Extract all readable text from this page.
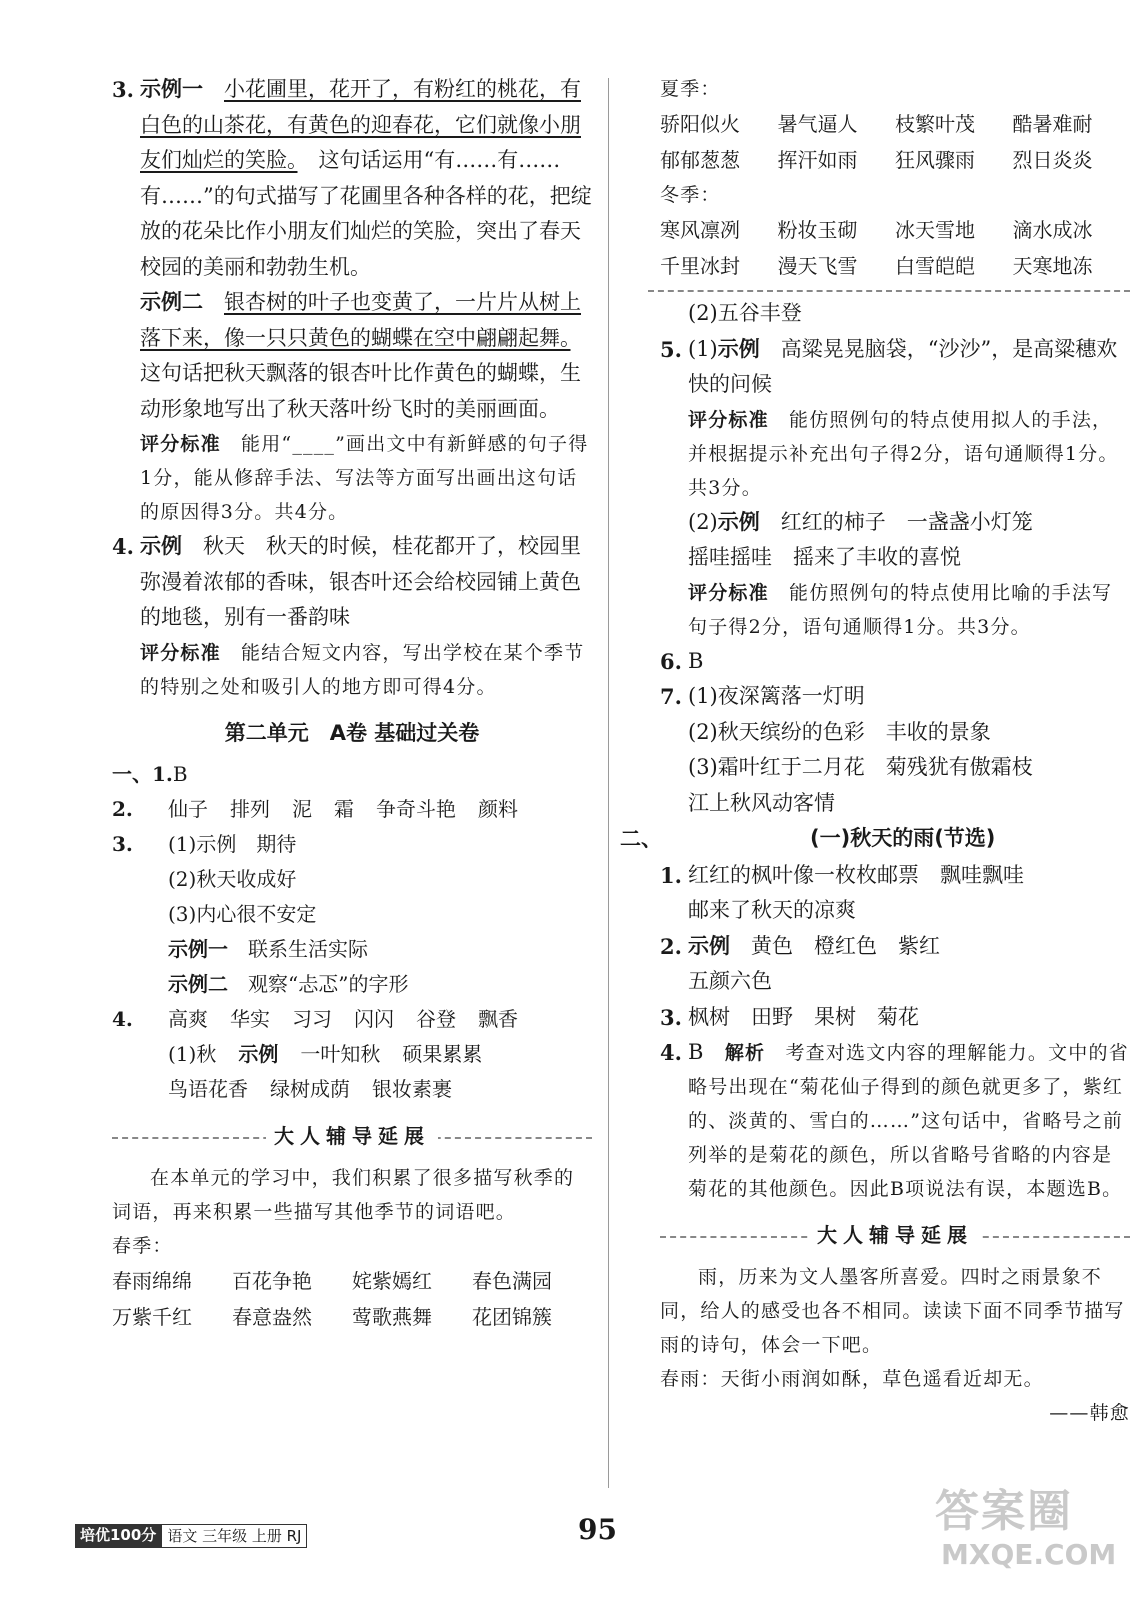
3. 示例一　 小花圃里，花开了，有粉红的桃花，有白色的山茶花，有黄色的迎春花，它们就像小朋友们灿烂的笑脸。　 这句话运用“有……有……有……”的句式描写了花圃里各种各样的花，把绽放的花朵比作小朋友们灿烂的笑脸，突出了春天校园的美丽和勃勃生机。
示例二　 银杏树的叶子也变黄了，一片片从树上落下来，像一只只黄色的蝴蝶在空中翩翩起舞。　这句话把秋天飘落的银杏叶比作黄色的蝴蝶，生动形象地写出了秋天落叶纷飞时的美丽画面。
评分标准　 能用“____”画出文中有新鲜感的句子得1分，能从修辞手法、写法等方面写出画出这句话的原因得3分。共4分。
4. 示例　 秋天　秋天的时候，桂花都开了，校园里弥漫着浓郁的香味，银杏叶还会给校园铺上黄色的地毯，别有一番韵味
评分标准　 能结合短文内容，写出学校在某个季节的特别之处和吸引人的地方即可得4分。
第二单元　A卷 基础过关卷
一、1.B
2. 仙子 排列 泥 霜 争奇斗艳 颜料
3.	(1)示例　期待
(2)秋天收成好
(3)内心很不安定
示例一　 联系生活实际
示例二　 观察“忐忑”的字形
4. 高爽 华实 习习 闪闪 谷登 飘香
(1)秋 示例 一叶知秋 硕果累累
鸟语花香 绿树成荫 银妆素裹
大人辅导延展
在本单元的学习中，我们积累了很多描写秋季的词语，再来积累一些描写其他季节的词语吧。
春季：
春雨绵绵	百花争艳	姹紫嫣红	春色满园
万紫千红	春意盎然	莺歌燕舞	花团锦簇
夏季：
骄阳似火	暑气逼人	枝繁叶茂	酷暑难耐
郁郁葱葱	挥汗如雨	狂风骤雨	烈日炎炎
冬季：
寒风凛冽	粉妆玉砌	冰天雪地	滴水成冰
千里冰封	漫天飞雪	白雪皑皑	天寒地冻
(2)五谷丰登
5. (1)示例　 高粱晃晃脑袋，“沙沙”，是高粱穗欢快的问候
评分标准　 能仿照例句的特点使用拟人的手法，并根据提示补充出句子得2分，语句通顺得1分。共3分。
(2)示例　 红红的柿子　一盏盏小灯笼
摇哇摇哇　摇来了丰收的喜悦
评分标准　 能仿照例句的特点使用比喻的手法写句子得2分，语句通顺得1分。共3分。
6. B
7. (1)夜深篱落一灯明
(2)秋天缤纷的色彩　丰收的景象
(3)霜叶红于二月花　菊残犹有傲霜枝
江上秋风动客情
二、	(一)秋天的雨(节选)
1. 红红的枫叶像一枚枚邮票　飘哇飘哇
邮来了秋天的凉爽
2. 示例　 黄色　橙红色　紫红
五颜六色
3. 枫树　田野　果树　菊花
4. B　 解析　 考查对选文内容的理解能力。文中的省略号出现在“菊花仙子得到的颜色就更多了，紫红的、淡黄的、雪白的……”这句话中，省略号之前列举的是菊花的颜色，所以省略号省略的内容是菊花的其他颜色。因此B项说法有误，本题选B。
大人辅导延展
雨，历来为文人墨客所喜爱。四时之雨景象不同，给人的感受也各不相同。读读下面不同季节描写雨的诗句，体会一下吧。
春雨：天街小雨润如酥，草色遥看近却无。
——韩愈
培优100分 语文 三年级 上册 RJ	95	答案圈
MXQE.COM
